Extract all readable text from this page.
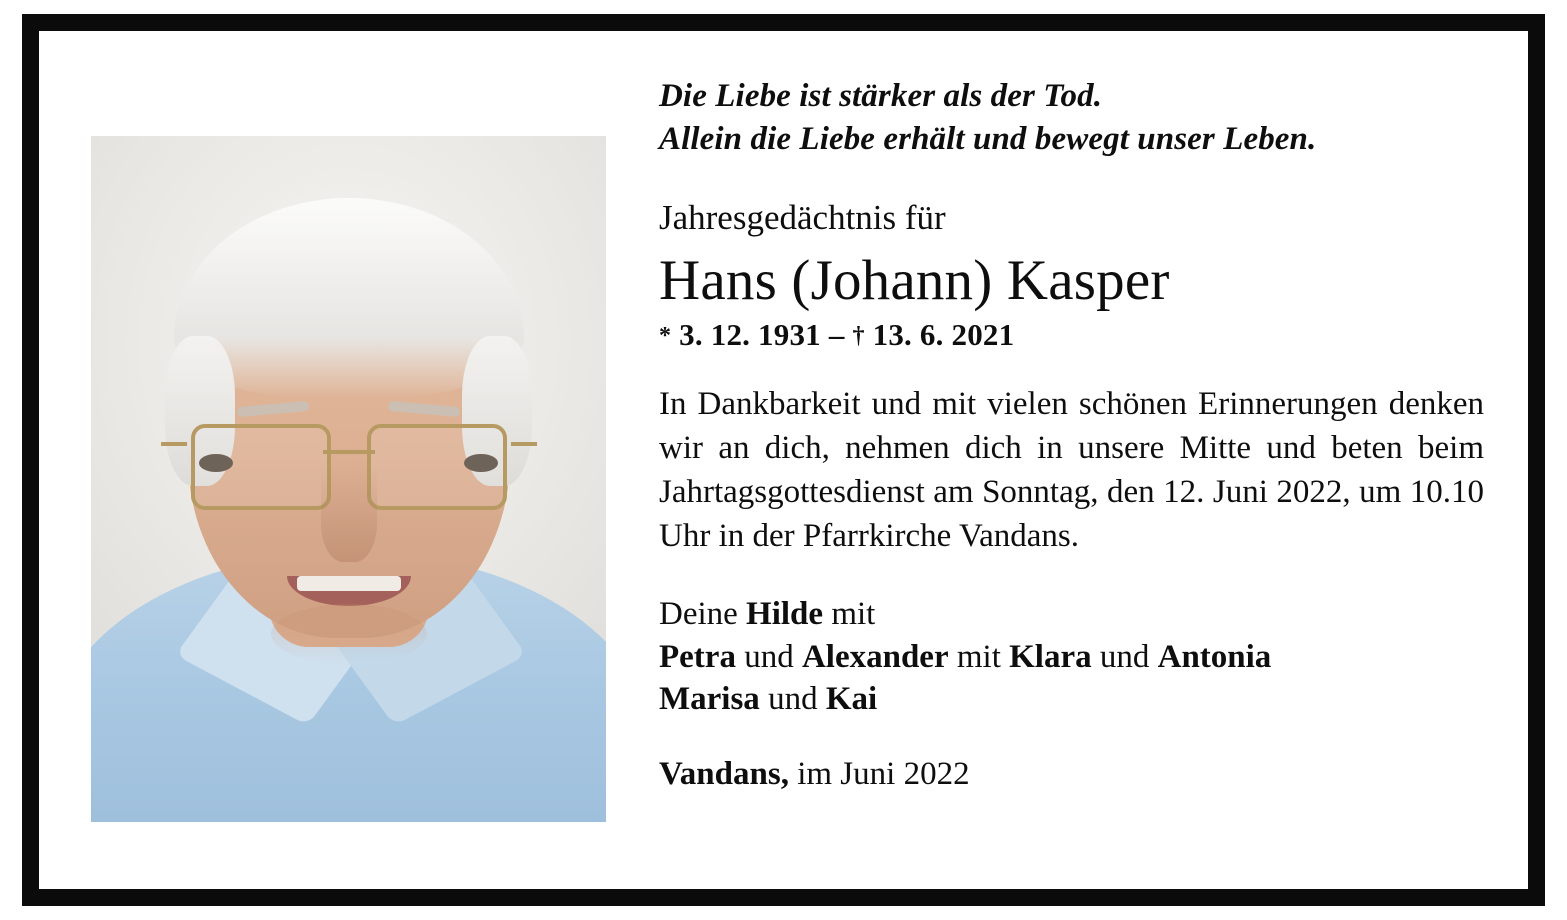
Die Liebe ist stärker als der Tod.
Allein die Liebe erhält und bewegt unser Leben.
Jahresgedächtnis für
Hans (Johann) Kasper
* 3. 12. 1931 – † 13. 6. 2021
In Dankbarkeit und mit vielen schönen Erinnerungen denken wir an dich, nehmen dich in unsere Mitte und beten beim Jahrtagsgottesdienst am Sonntag, den 12. Juni 2022, um 10.10 Uhr in der Pfarrkirche Vandans.
Deine Hilde mit
Petra und Alexander mit Klara und Antonia
Marisa und Kai
Vandans, im Juni 2022
